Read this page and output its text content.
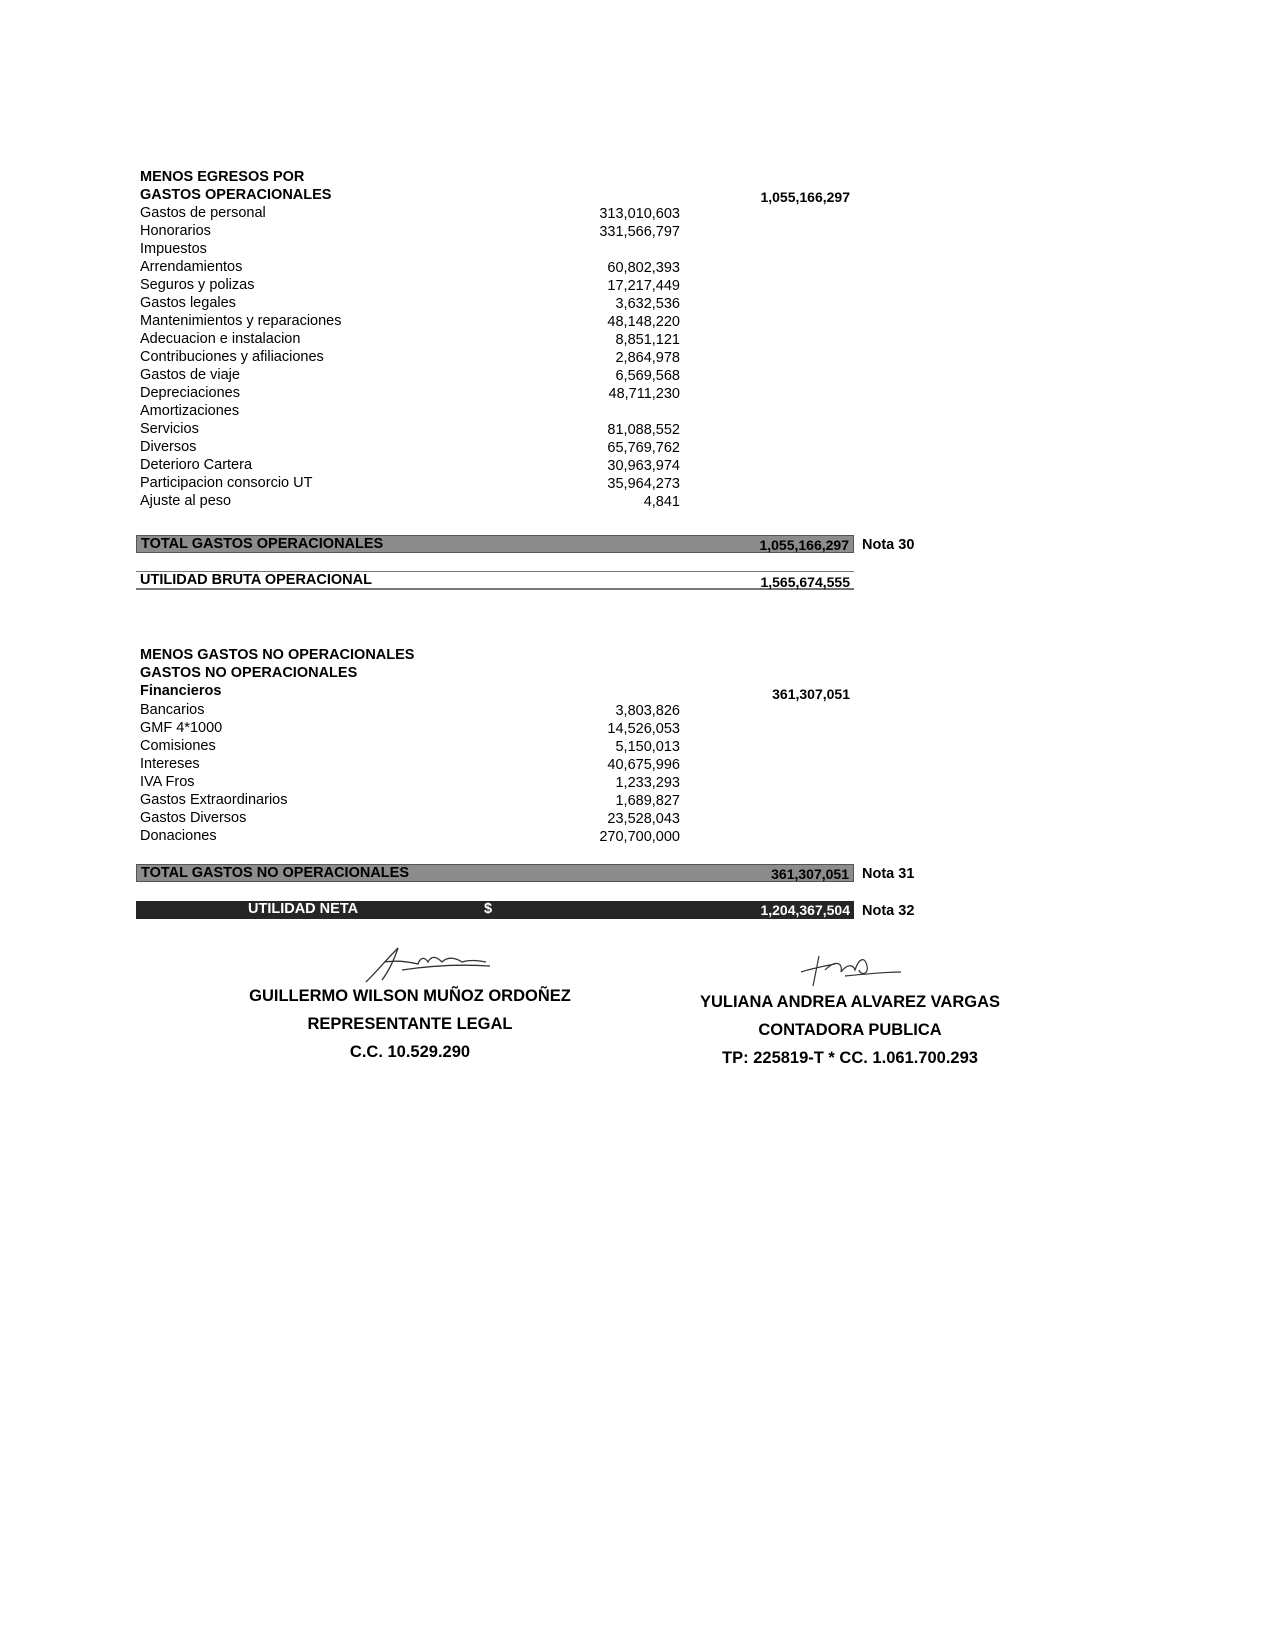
MENOS EGRESOS POR
GASTOS OPERACIONALES	1,055,166,297
Gastos de personal	313,010,603
Honorarios	331,566,797
Impuestos
Arrendamientos	60,802,393
Seguros y polizas	17,217,449
Gastos legales	3,632,536
Mantenimientos y reparaciones	48,148,220
Adecuacion e instalacion	8,851,121
Contribuciones y afiliaciones	2,864,978
Gastos de viaje	6,569,568
Depreciaciones	48,711,230
Amortizaciones
Servicios	81,088,552
Diversos	65,769,762
Deterioro Cartera	30,963,974
Participacion consorcio UT	35,964,273
Ajuste al peso	4,841
TOTAL GASTOS OPERACIONALES	1,055,166,297 Nota 30
UTILIDAD BRUTA OPERACIONAL	1,565,674,555
MENOS GASTOS NO OPERACIONALES
GASTOS NO OPERACIONALES
Financieros	361,307,051
Bancarios	3,803,826
GMF 4*1000	14,526,053
Comisiones	5,150,013
Intereses	40,675,996
IVA Fros	1,233,293
Gastos Extraordinarios	1,689,827
Gastos Diversos	23,528,043
Donaciones	270,700,000
TOTAL GASTOS NO OPERACIONALES	361,307,051 Nota 31
UTILIDAD NETA	$	1,204,367,504 Nota 32
GUILLERMO WILSON MUÑOZ ORDOÑEZ
REPRESENTANTE LEGAL
C.C. 10.529.290
YULIANA ANDREA ALVAREZ VARGAS
CONTADORA PUBLICA
TP: 225819-T * CC. 1.061.700.293
